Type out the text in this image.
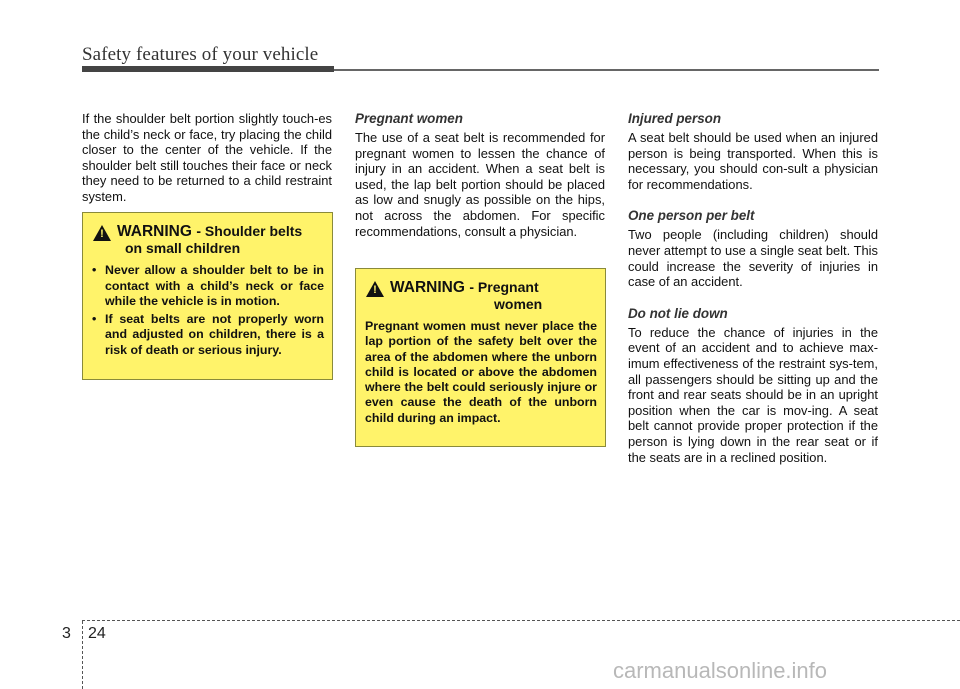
Safety features of your vehicle

If the shoulder belt portion slightly touch-es the child’s neck or face, try placing the child closer to the center of the vehicle. If the shoulder belt still touches their face or neck they need to be returned to a child restraint system.

! WARNING - Shoulder belts
on small children
• Never allow a shoulder belt to be in contact with a child’s neck or face while the vehicle is in motion.
• If seat belts are not properly worn and adjusted on children, there is a risk of death or serious injury.
Pregnant women

The use of a seat belt is recommended for pregnant women to lessen the chance of injury in an accident. When a seat belt is used, the lap belt portion should be placed as low and snugly as possible on the hips, not across the abdomen. For specific recommendations, consult a physician.

! WARNING - Pregnant
women

Pregnant women must never place the lap portion of the safety belt over the area of the abdomen where the unborn child is located or above the abdomen where the belt could seriously injure or even cause the death of the unborn child during an impact.

Injured person

A seat belt should be used when an injured person is being transported. When this is necessary, you should con-sult a physician for recommendations.

One person per belt

Two people (including children) should never attempt to use a single seat belt. This could increase the severity of injuries in case of an accident.

Do not lie down

To reduce the chance of injuries in the event of an accident and to achieve max-imum effectiveness of the restraint sys-tem, all passengers should be sitting up and the front and rear seats should be in an upright position when the car is mov-ing. A seat belt cannot provide proper protection if the person is lying down in the rear seat or if the seats are in a reclined position.

3 24
carmanualsonline.info
